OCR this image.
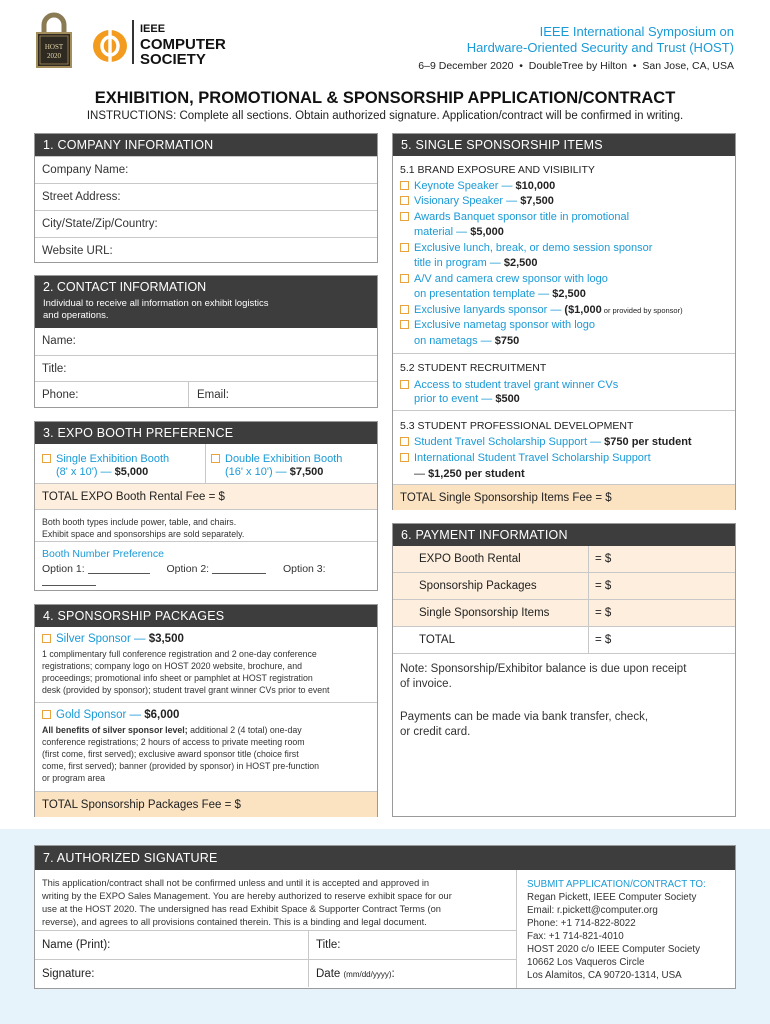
HOST
2020
IEEE
COMPUTER
SOCIETY
IEEE International Symposium on
Hardware-Oriented Security and Trust (HOST)
6–9 December 2020  •  DoubleTree by Hilton  •  San Jose, CA, USA
EXHIBITION, PROMOTIONAL & SPONSORSHIP APPLICATION/CONTRACT
INSTRUCTIONS: Complete all sections. Obtain authorized signature. Application/contract will be confirmed in writing.
1. COMPANY INFORMATION
Company Name:
Street Address:
City/State/Zip/Country:
Website URL:
2. CONTACT INFORMATION
Individual to receive all information on exhibit logistics
and operations.
Name:
Title:
Phone:	Email:
3. EXPO BOOTH PREFERENCE
Single Exhibition Booth
(8' x 10') — $5,000
Double Exhibition Booth
(16' x 10') — $7,500
TOTAL EXPO Booth Rental Fee = $
Both booth types include power, table, and chairs.
Exhibit space and sponsorships are sold separately.
Booth Number Preference
Option 1:	Option 2:	Option 3:
4. SPONSORSHIP PACKAGES
Silver Sponsor — $3,500
1 complimentary full conference registration and 2 one-day conference
registrations; company logo on HOST 2020 website, brochure, and
proceedings; promotional info sheet or pamphlet at HOST registration
desk (provided by sponsor); student travel grant winner CVs prior to event
Gold Sponsor — $6,000
All benefits of silver sponsor level; additional 2 (4 total) one-day
conference registrations; 2 hours of access to private meeting room
(first come, first served); exclusive award sponsor title (choice first
come, first served); banner (provided by sponsor) in HOST pre-function
or program area
TOTAL Sponsorship Packages Fee = $
5. SINGLE SPONSORSHIP ITEMS
5.1 BRAND EXPOSURE AND VISIBILITY
Keynote Speaker — $10,000
Visionary Speaker — $7,500
Awards Banquet sponsor title in promotional
material — $5,000
Exclusive lunch, break, or demo session sponsor
title in program — $2,500
A/V and camera crew sponsor with logo
on presentation template — $2,500
Exclusive lanyards sponsor — ($1,000 or provided by sponsor)
Exclusive nametag sponsor with logo
on nametags — $750
5.2 STUDENT RECRUITMENT
Access to student travel grant winner CVs
prior to event — $500
5.3 STUDENT PROFESSIONAL DEVELOPMENT
Student Travel Scholarship Support — $750 per student
International Student Travel Scholarship Support
— $1,250 per student
TOTAL Single Sponsorship Items Fee = $
6. PAYMENT INFORMATION
EXPO Booth Rental	= $
Sponsorship Packages	= $
Single Sponsorship Items	= $
TOTAL	= $
Note: Sponsorship/Exhibitor balance is due upon receipt
of invoice.
Payments can be made via bank transfer, check,
or credit card.
7. AUTHORIZED SIGNATURE
This application/contract shall not be confirmed unless and until it is accepted and approved in
writing by the EXPO Sales Management. You are hereby authorized to reserve exhibit space for our
use at the HOST 2020. The undersigned has read Exhibit Space & Supporter Contract Terms (on
reverse), and agrees to all provisions contained therein. This is a binding and legal document.
Name (Print):	Title:
Signature:	Date (mm/dd/yyyy):
SUBMIT APPLICATION/CONTRACT TO:
Regan Pickett, IEEE Computer Society
Email: r.pickett@computer.org
Phone: +1 714-822-8022
Fax: +1 714-821-4010
HOST 2020 c/o IEEE Computer Society
10662 Los Vaqueros Circle
Los Alamitos, CA 90720-1314, USA
